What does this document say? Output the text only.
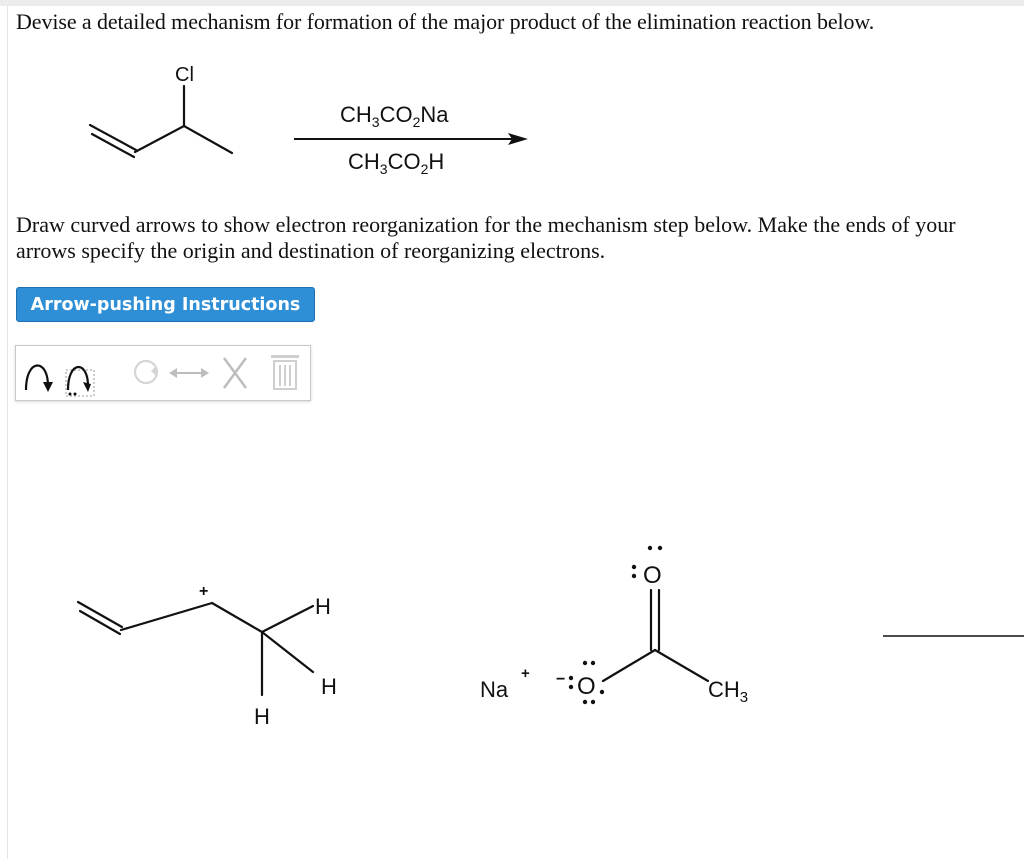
Devise a detailed mechanism for formation of the major product of the elimination reaction below.
Cl
$CH_3CO_2Na$
$CH_3CO_2H$
+
H
H
H
Na
+ − O
O
$CH_3$
Draw curved arrows to show electron reorganization for the mechanism step below. Make the ends of your arrows specify the origin and destination of reorganizing electrons.
Arrow-pushing Instructions
